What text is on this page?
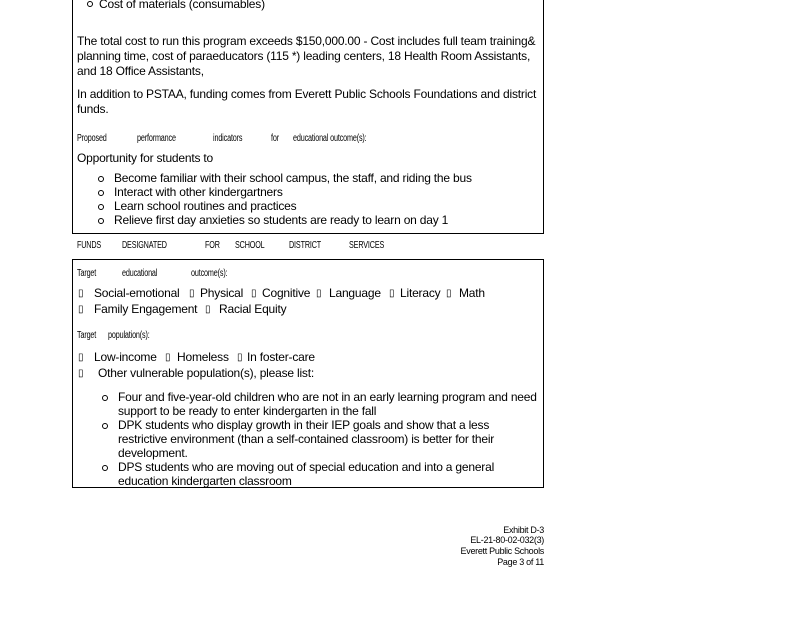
Cost of materials (consumables)
The total cost to run this program exceeds $150,000.00 - Cost includes full team training& planning time, cost of paraeducators (115 *) leading centers, 18 Health Room Assistants, and 18 Office Assistants,
In addition to PSTAA, funding comes from Everett Public Schools Foundations and district funds.
Proposed	performance	indicators	for educational outcome(s):
Opportunity for students to
Become familiar with their school campus, the staff, and riding the bus
Interact with other kindergartners
Learn school routines and practices
Relieve first day anxieties so students are ready to learn on day 1
FUNDS DESIGNATED	FOR SCHOOL DISTRICT	SERVICES
Target	educational	outcome(s):
▯ Social-emotional ▯ Physical ▯ Cognitive ▯ Language ▯ Literacy ▯ Math
▯ Family Engagement ▯ Racial Equity
Target population(s):
▯ Low-income ▯ Homeless ▯ In foster-care
▯ Other vulnerable population(s), please list:
Four and five-year-old children who are not in an early learning program and need support to be ready to enter kindergarten in the fall
DPK students who display growth in their IEP goals and show that a less restrictive environment (than a self-contained classroom) is better for their development.
DPS students who are moving out of special education and into a general education kindergarten classroom
Exhibit D-3
EL-21-80-02-032(3)
Everett Public Schools
Page 3 of 11
